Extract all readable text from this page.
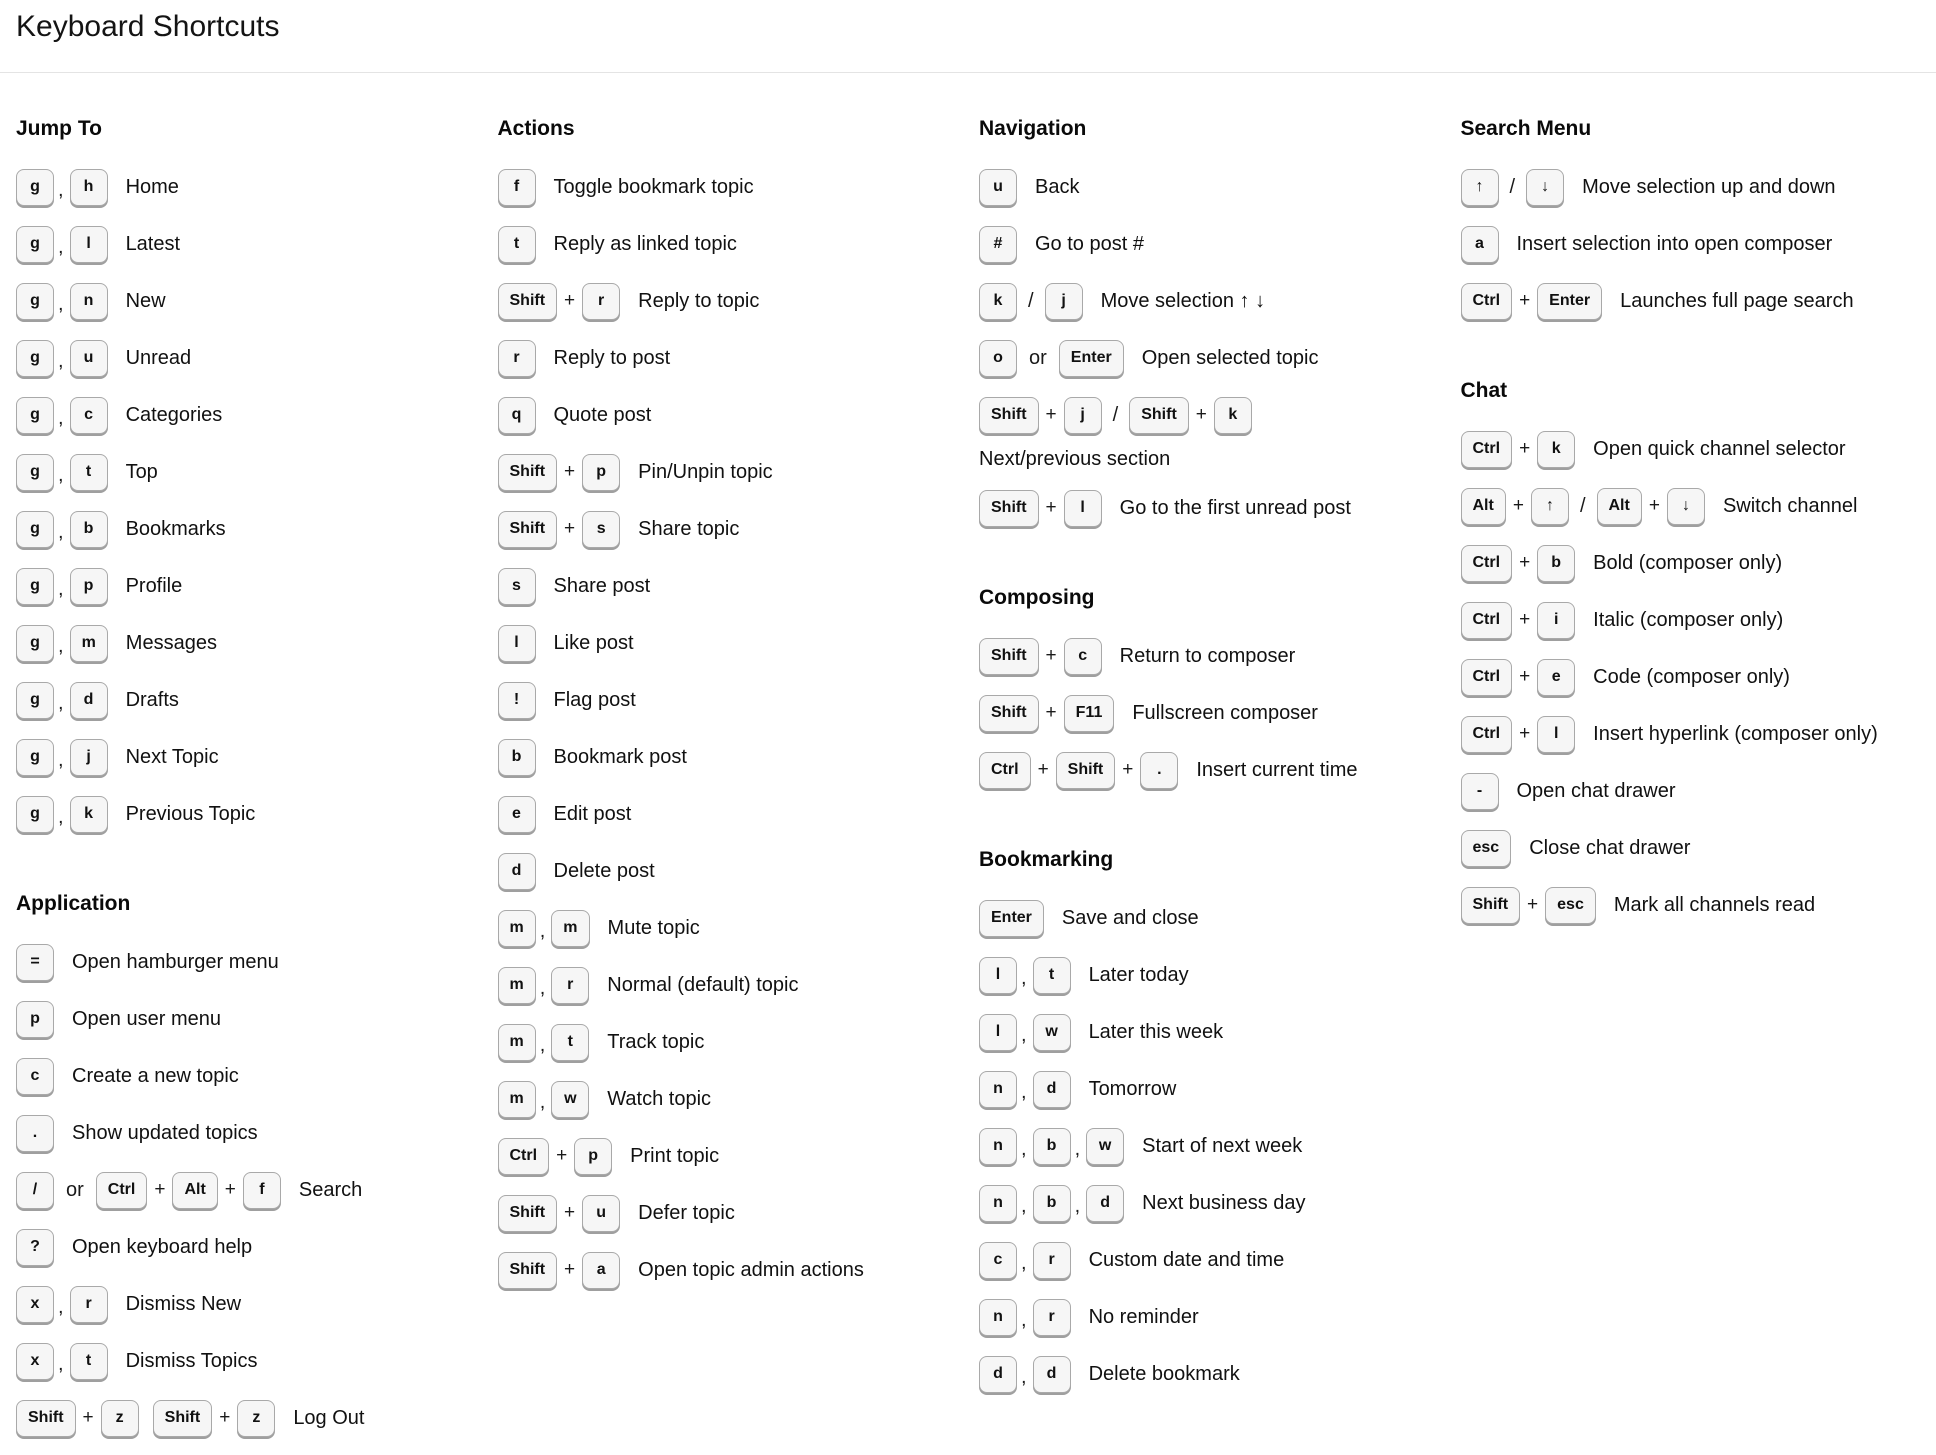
Keyboard Shortcuts
Jump To
g ,	h	Home
g ,	l	Latest
g ,	n	New
g ,	u	Unread
g ,	c	Categories
g ,	t	Top
g ,	b	Bookmarks
g ,	p	Profile
g ,	m	Messages
g ,	d	Drafts
g ,	j	Next Topic
g ,	k	Previous Topic
Application
=	Open hamburger menu
p	Open user menu
c	Create a new topic
.	Show updated topics
/	or	Ctrl	+	Alt	+	f	Search
?	Open keyboard help
x ,	r	Dismiss New
x ,	t	Dismiss Topics
Shift	+	z	Shift	+	z	Log Out
Actions
f	Toggle bookmark topic
t	Reply as linked topic
Shift	+	r	Reply to topic
r	Reply to post
q	Quote post
Shift	+	p	Pin/Unpin topic
Shift	+	s	Share topic
s	Share post
l	Like post
!	Flag post
b	Bookmark post
e	Edit post
d	Delete post
m ,	m	Mute topic
m ,	r	Normal (default) topic
m ,	t	Track topic
m ,	w	Watch topic
Ctrl	+	p	Print topic
Shift	+	u	Defer topic
Shift	+	a	Open topic admin actions
Navigation
u	Back
#	Go to post #
k	/	j	Move selection ↑ ↓
o	or	Enter	Open selected topic
Shift	+	j	/	Shift	+	k
Next/previous section
Shift	+	l	Go to the first unread post
Composing
Shift	+	c	Return to composer
Shift	+	F11	Fullscreen composer
Ctrl	+	Shift	+	.	Insert current time
Bookmarking
Enter	Save and close
l	,	t	Later today
l	,	w	Later this week
n ,	d	Tomorrow
n ,	b ,	w	Start of next week
n ,	b ,	d	Next business day
c ,	r	Custom date and time
n ,	r	No reminder
d ,	d	Delete bookmark
Search Menu
↑	/	↓	Move selection up and down
a	Insert selection into open composer
Ctrl	+	Enter	Launches full page search
Chat
Ctrl	+	k	Open quick channel selector
Alt	+	↑	/	Alt	+	↓	Switch channel
Ctrl	+	b	Bold (composer only)
Ctrl	+	i	Italic (composer only)
Ctrl	+	e	Code (composer only)
Ctrl	+	l	Insert hyperlink (composer only)
-	Open chat drawer
esc	Close chat drawer
Shift	+	esc	Mark all channels read
